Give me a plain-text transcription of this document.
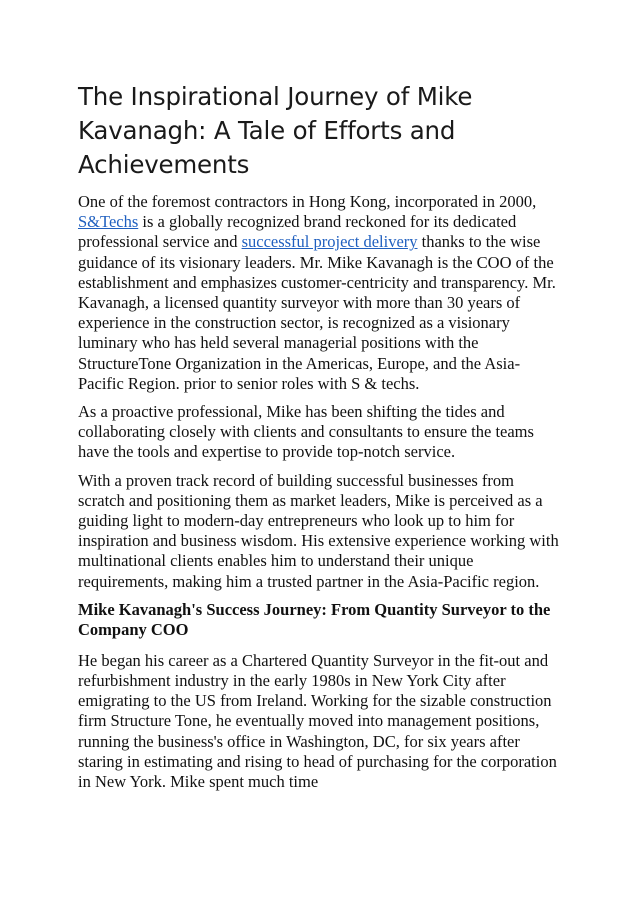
The Inspirational Journey of Mike Kavanagh: A Tale of Efforts and Achievements

One of the foremost contractors in Hong Kong, incorporated in 2000, S&Techs is a globally recognized brand reckoned for its dedicated professional service and successful project delivery thanks to the wise guidance of its visionary leaders. Mr. Mike Kavanagh is the COO of the establishment and emphasizes customer-centricity and transparency. Mr. Kavanagh, a licensed quantity surveyor with more than 30 years of experience in the construction sector, is recognized as a visionary luminary who has held several managerial positions with the StructureTone Organization in the Americas, Europe, and the Asia-Pacific Region. prior to senior roles with S & techs.

As a proactive professional, Mike has been shifting the tides and collaborating closely with clients and consultants to ensure the teams have the tools and expertise to provide top-notch service.

With a proven track record of building successful businesses from scratch and positioning them as market leaders, Mike is perceived as a guiding light to modern-day entrepreneurs who look up to him for inspiration and business wisdom. His extensive experience working with multinational clients enables him to understand their unique requirements, making him a trusted partner in the Asia-Pacific region.

Mike Kavanagh's Success Journey: From Quantity Surveyor to the Company COO

He began his career as a Chartered Quantity Surveyor in the fit-out and refurbishment industry in the early 1980s in New York City after emigrating to the US from Ireland. Working for the sizable construction firm Structure Tone, he eventually moved into management positions, running the business's office in Washington, DC, for six years after staring in estimating and rising to head of purchasing for the corporation in New York. Mike spent much time
